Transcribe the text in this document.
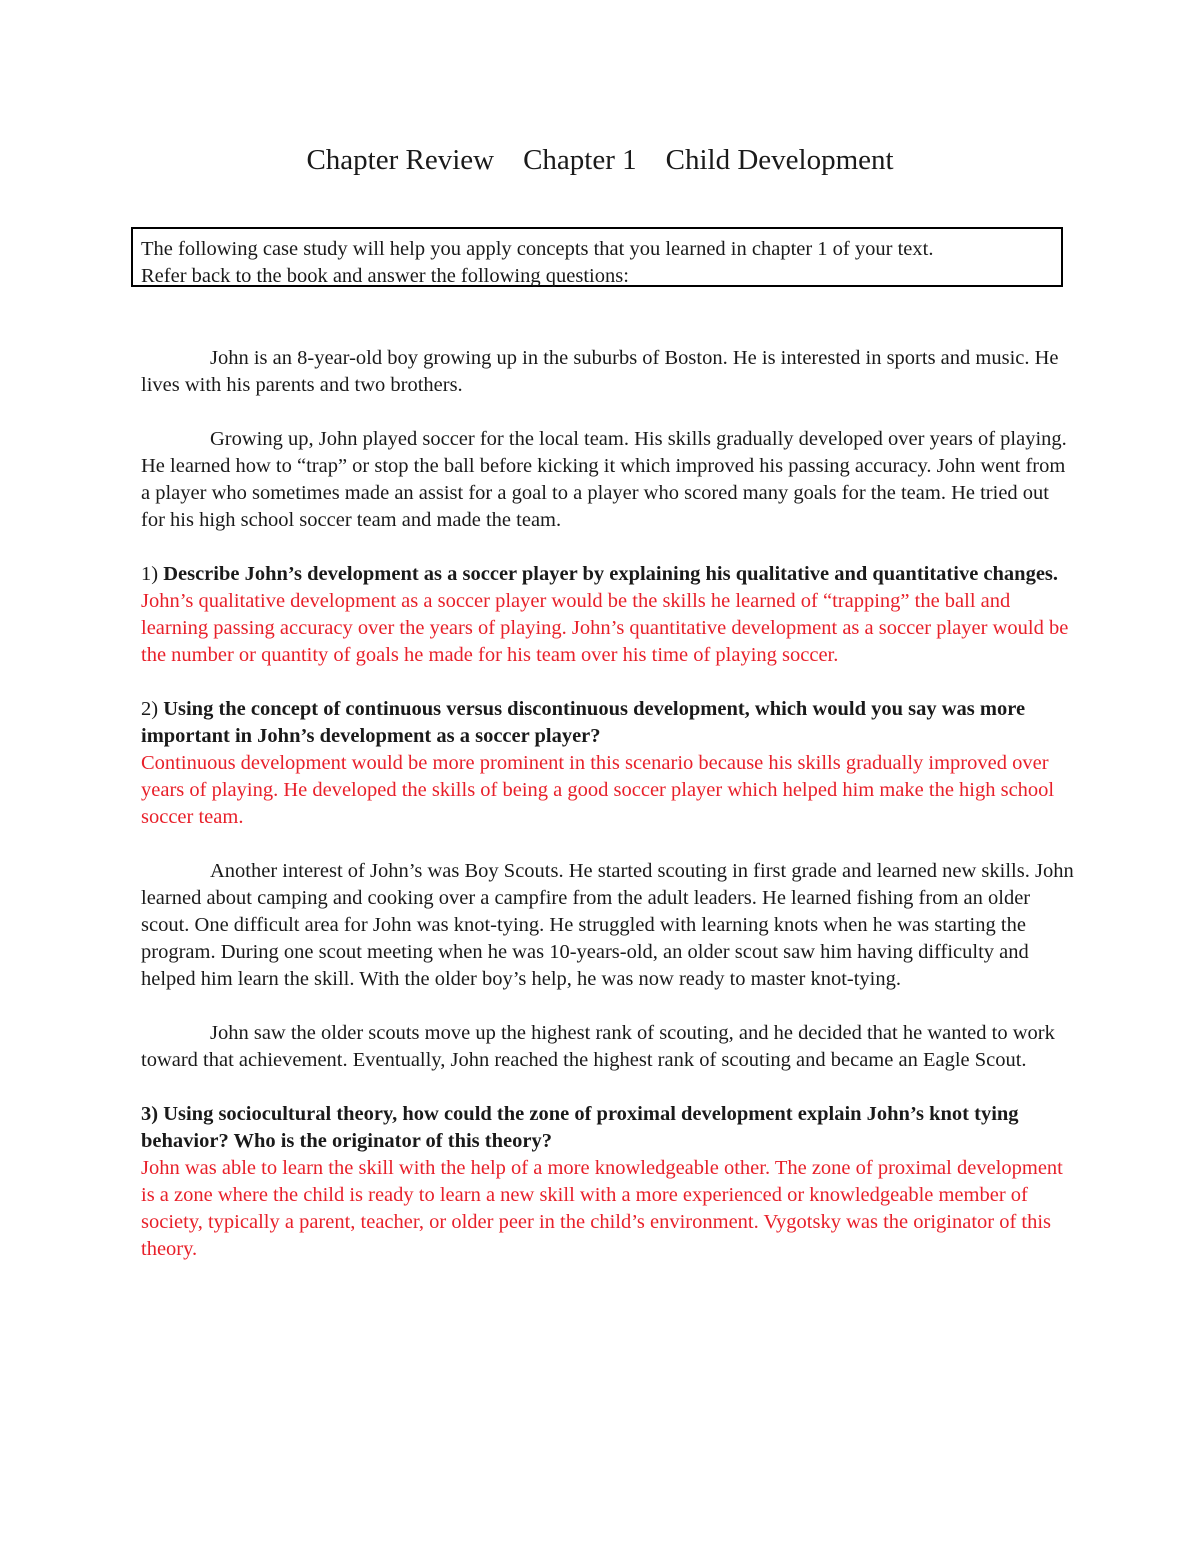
Chapter Review    Chapter 1    Child Development

The following case study will help you apply concepts that you learned in chapter 1 of your text.

Refer back to the book and answer the following questions:

John is an 8-year-old boy growing up in the suburbs of Boston. He is interested in sports and music. He lives with his parents and two brothers.

Growing up, John played soccer for the local team. His skills gradually developed over years of playing. He learned how to “trap” or stop the ball before kicking it which improved his passing accuracy. John went from a player who sometimes made an assist for a goal to a player who scored many goals for the team. He tried out for his high school soccer team and made the team.

1) Describe John’s development as a soccer player by explaining his qualitative and quantitative changes.

John’s qualitative development as a soccer player would be the skills he learned of “trapping” the ball and learning passing accuracy over the years of playing. John’s quantitative development as a soccer player would be the number or quantity of goals he made for his team over his time of playing soccer.

2) Using the concept of continuous versus discontinuous development, which would you say was more important in John’s development as a soccer player?

Continuous development would be more prominent in this scenario because his skills gradually improved over years of playing. He developed the skills of being a good soccer player which helped him make the high school soccer team.

Another interest of John’s was Boy Scouts. He started scouting in first grade and learned new skills. John learned about camping and cooking over a campfire from the adult leaders. He learned fishing from an older scout. One difficult area for John was knot-tying. He struggled with learning knots when he was starting the program. During one scout meeting when he was 10-years-old, an older scout saw him having difficulty and helped him learn the skill. With the older boy’s help, he was now ready to master knot-tying.

John saw the older scouts move up the highest rank of scouting, and he decided that he wanted to work toward that achievement. Eventually, John reached the highest rank of scouting and became an Eagle Scout.

3) Using sociocultural theory, how could the zone of proximal development explain John’s knot tying behavior? Who is the originator of this theory?

John was able to learn the skill with the help of a more knowledgeable other. The zone of proximal development is a zone where the child is ready to learn a new skill with a more experienced or knowledgeable member of society, typically a parent, teacher, or older peer in the child’s environment. Vygotsky was the originator of this theory.
